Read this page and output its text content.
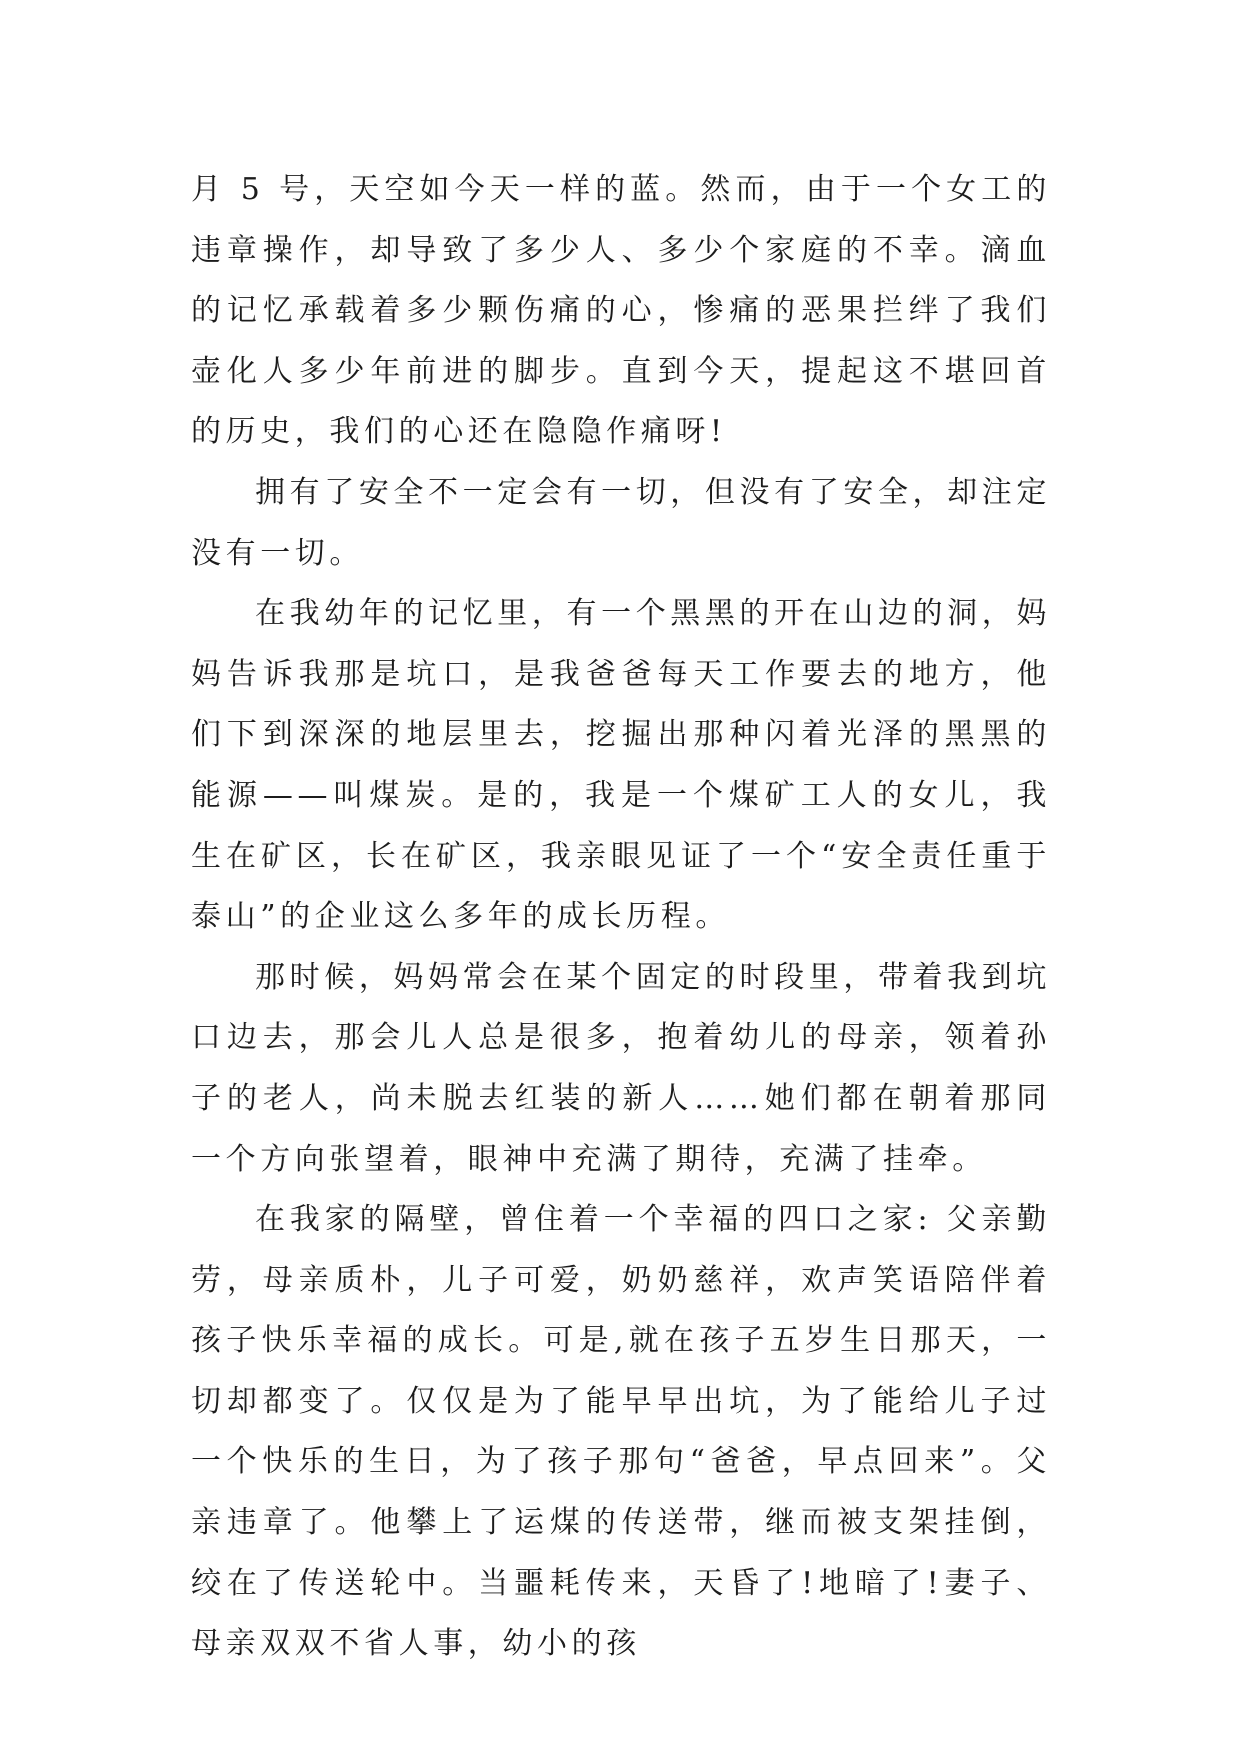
月 5 号，天空如今天一样的蓝。然而，由于一个女工的违章操作，却导致了多少人、多少个家庭的不幸。滴血的记忆承载着多少颗伤痛的心，惨痛的恶果拦绊了我们壶化人多少年前进的脚步。直到今天，提起这不堪回首的历史，我们的心还在隐隐作痛呀!

拥有了安全不一定会有一切，但没有了安全，却注定没有一切。

在我幼年的记忆里，有一个黑黑的开在山边的洞，妈妈告诉我那是坑口，是我爸爸每天工作要去的地方，他们下到深深的地层里去，挖掘出那种闪着光泽的黑黑的能源——叫煤炭。是的，我是一个煤矿工人的女儿，我生在矿区，长在矿区，我亲眼见证了一个“安全责任重于泰山”的企业这么多年的成长历程。

那时候，妈妈常会在某个固定的时段里，带着我到坑口边去，那会儿人总是很多，抱着幼儿的母亲，领着孙子的老人，尚未脱去红装的新人……她们都在朝着那同一个方向张望着，眼神中充满了期待，充满了挂牵。

在我家的隔壁，曾住着一个幸福的四口之家: 父亲勤劳，母亲质朴，儿子可爱，奶奶慈祥，欢声笑语陪伴着孩子快乐幸福的成长。可是,就在孩子五岁生日那天，一切却都变了。仅仅是为了能早早出坑，为了能给儿子过一个快乐的生日，为了孩子那句“爸爸，早点回来”。父亲违章了。他攀上了运煤的传送带，继而被支架挂倒，绞在了传送轮中。当噩耗传来，天昏了!地暗了!妻子、母亲双双不省人事，幼小的孩
